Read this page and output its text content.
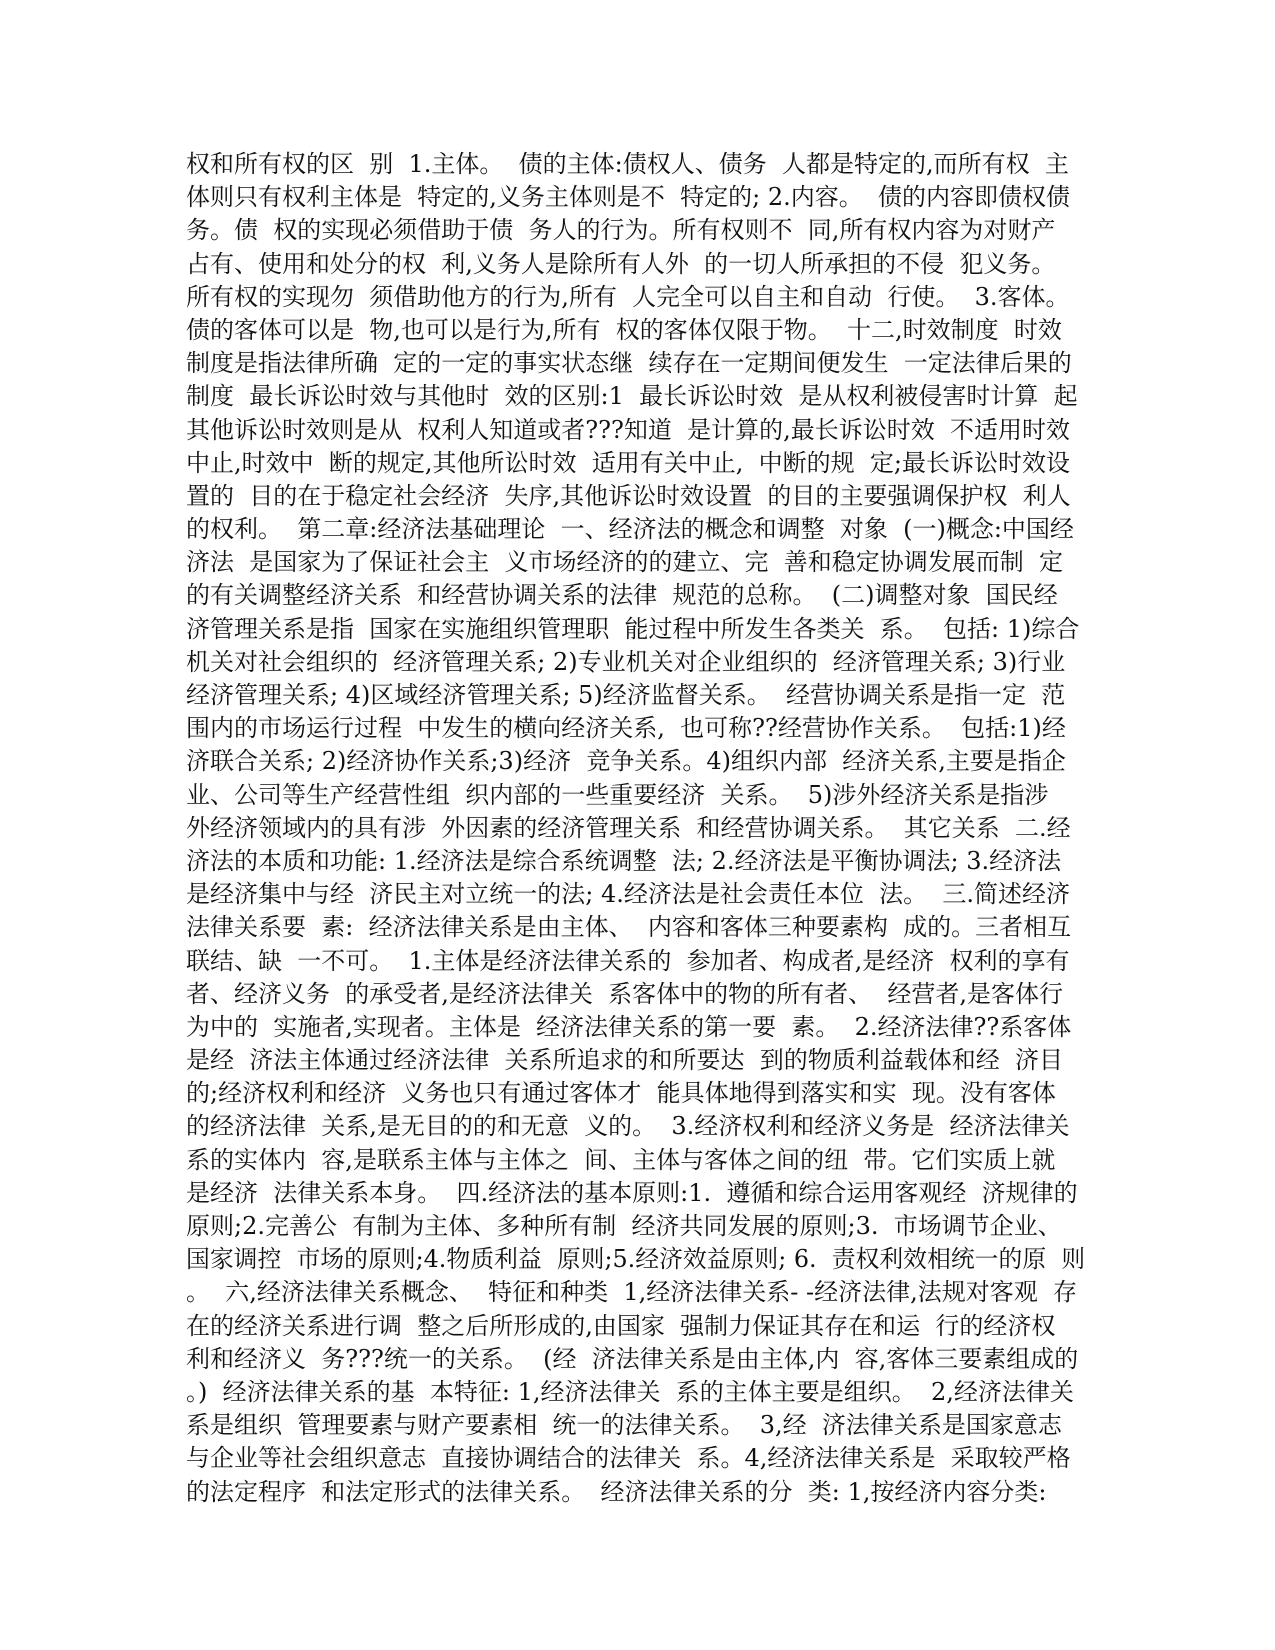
权和所有权的区  别  1.主体。  债的主体:债权人、债务  人都是特定的,而所有权  主
体则只有权利主体是  特定的,义务主体则是不  特定的; 2.内容。  债的内容即债权债
务。债  权的实现必须借助于债  务人的行为。所有权则不  同,所有权内容为对财产
占有、使用和处分的权  利,义务人是除所有人外  的一切人所承担的不侵  犯义务。
所有权的实现勿  须借助他方的行为,所有  人完全可以自主和自动  行使。  3.客体。
债的客体可以是  物,也可以是行为,所有  权的客体仅限于物。  十二,时效制度  时效
制度是指法律所确  定的一定的事实状态继  续存在一定期间便发生  一定法律后果的
制度  最长诉讼时效与其他时  效的区别:1  最长诉讼时效  是从权利被侵害时计算  起
其他诉讼时效则是从  权利人知道或者???知道  是计算的,最长诉讼时效  不适用时效
中止,时效中  断的规定,其他所讼时效  适用有关中止,  中断的规  定;最长诉讼时效设
置的  目的在于稳定社会经济  失序,其他诉讼时效设置  的目的主要强调保护权  利人
的权利。  第二章:经济法基础理论  一、经济法的概念和调整  对象  (一)概念:中国经
济法  是国家为了保证社会主  义市场经济的的建立、完  善和稳定协调发展而制  定
的有关调整经济关系  和经营协调关系的法律  规范的总称。  (二)调整对象  国民经
济管理关系是指  国家在实施组织管理职  能过程中所发生各类关  系。  包括: 1)综合
机关对社会组织的  经济管理关系; 2)专业机关对企业组织的  经济管理关系; 3)行业
经济管理关系; 4)区域经济管理关系; 5)经济监督关系。  经营协调关系是指一定  范
围内的市场运行过程  中发生的横向经济关系,  也可称??经营协作关系。  包括:1)经
济联合关系; 2)经济协作关系;3)经济  竞争关系。4)组织内部  经济关系,主要是指企
业、公司等生产经营性组  织内部的一些重要经济  关系。  5)涉外经济关系是指涉
外经济领域内的具有涉  外因素的经济管理关系  和经营协调关系。  其它关系  二.经
济法的本质和功能: 1.经济法是综合系统调整  法; 2.经济法是平衡协调法; 3.经济法
是经济集中与经  济民主对立统一的法; 4.经济法是社会责任本位  法。  三.简述经济
法律关系要  素:  经济法律关系是由主体、  内容和客体三种要素构  成的。三者相互
联结、缺  一不可。  1.主体是经济法律关系的  参加者、构成者,是经济  权利的享有
者、经济义务  的承受者,是经济法律关  系客体中的物的所有者、  经营者,是客体行
为中的  实施者,实现者。主体是  经济法律关系的第一要  素。  2.经济法律??系客体
是经  济法主体通过经济法律  关系所追求的和所要达  到的物质利益载体和经  济目
的;经济权利和经济  义务也只有通过客体才  能具体地得到落实和实  现。没有客体
的经济法律  关系,是无目的的和无意  义的。  3.经济权利和经济义务是  经济法律关
系的实体内  容,是联系主体与主体之  间、主体与客体之间的纽  带。它们实质上就
是经济  法律关系本身。  四.经济法的基本原则:1.  遵循和综合运用客观经  济规律的
原则;2.完善公  有制为主体、多种所有制  经济共同发展的原则;3.  市场调节企业、
国家调控  市场的原则;4.物质利益  原则;5.经济效益原则; 6.  责权利效相统一的原  则
。  六,经济法律关系概念、  特征和种类  1,经济法律关系- -经济法律,法规对客观  存
在的经济关系进行调  整之后所形成的,由国家  强制力保证其存在和运  行的经济权
利和经济义  务???统一的关系。  (经  济法律关系是由主体,内  容,客体三要素组成的
。)  经济法律关系的基  本特征: 1,经济法律关  系的主体主要是组织。  2,经济法律关
系是组织  管理要素与财产要素相  统一的法律关系。  3,经  济法律关系是国家意志
与企业等社会组织意志  直接协调结合的法律关  系。4,经济法律关系是  采取较严格
的法定程序  和法定形式的法律关系。  经济法律关系的分  类: 1,按经济内容分类:
